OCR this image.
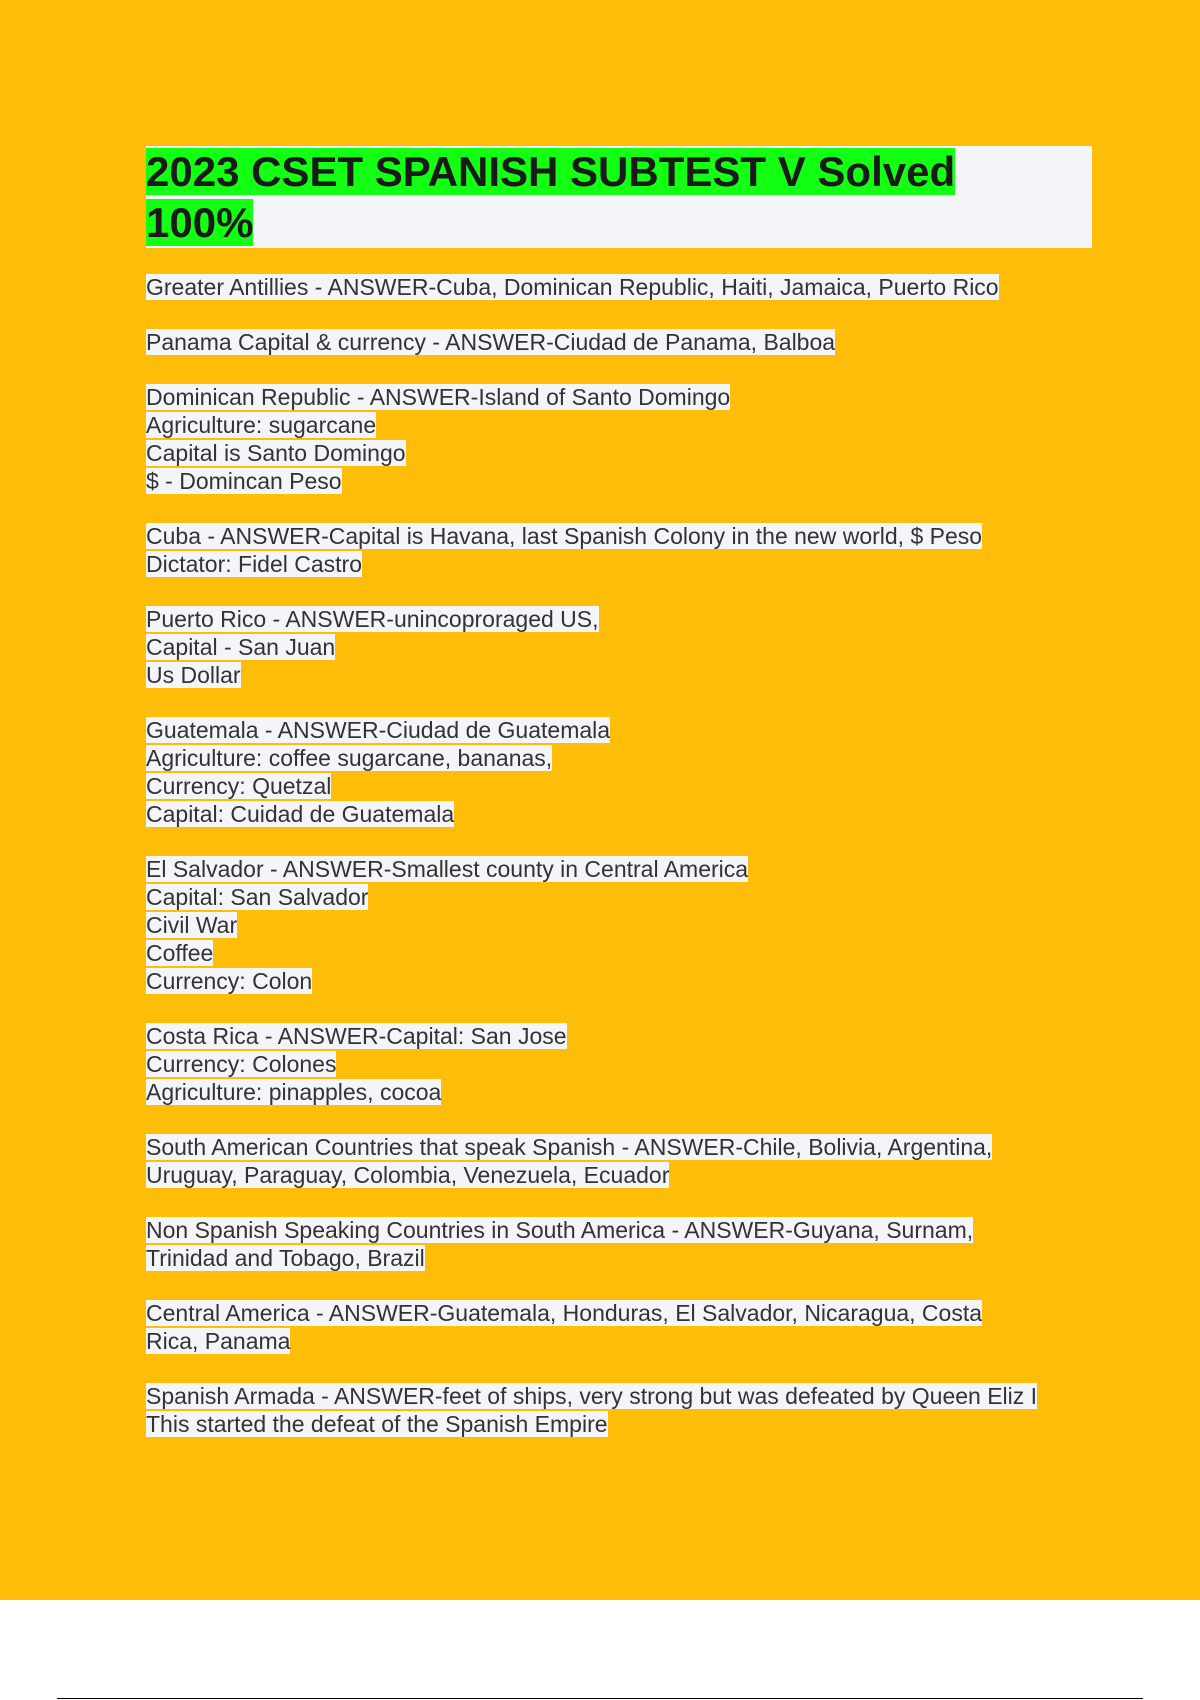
2023 CSET SPANISH SUBTEST V Solved
100%
Greater Antillies - ANSWER-Cuba, Dominican Republic, Haiti, Jamaica, Puerto Rico
Panama Capital & currency - ANSWER-Ciudad de Panama, Balboa
Dominican Republic - ANSWER-Island of Santo Domingo
Agriculture: sugarcane
Capital is Santo Domingo
$ - Domincan Peso
Cuba - ANSWER-Capital is Havana, last Spanish Colony in the new world, $ Peso
Dictator: Fidel Castro
Puerto Rico - ANSWER-unincoproraged US,
Capital - San Juan
Us Dollar
Guatemala - ANSWER-Ciudad de Guatemala
Agriculture: coffee sugarcane, bananas,
Currency: Quetzal
Capital: Cuidad de Guatemala
El Salvador - ANSWER-Smallest county in Central America
Capital: San Salvador
Civil War
Coffee
Currency: Colon
Costa Rica - ANSWER-Capital: San Jose
Currency: Colones
Agriculture: pinapples, cocoa
South American Countries that speak Spanish - ANSWER-Chile, Bolivia, Argentina,
Uruguay, Paraguay, Colombia, Venezuela, Ecuador
Non Spanish Speaking Countries in South America - ANSWER-Guyana, Surnam,
Trinidad and Tobago, Brazil
Central America - ANSWER-Guatemala, Honduras, El Salvador, Nicaragua, Costa
Rica, Panama
Spanish Armada - ANSWER-feet of ships, very strong but was defeated by Queen Eliz I
This started the defeat of the Spanish Empire
